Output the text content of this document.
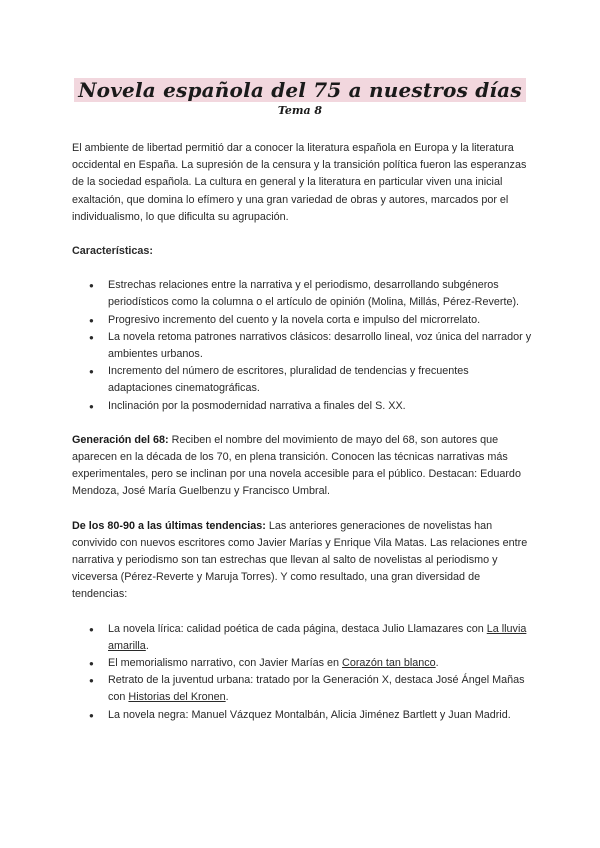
Novela española del 75 a nuestros días
Tema 8

El ambiente de libertad permitió dar a conocer la literatura española en Europa y la literatura occidental en España. La supresión de la censura y la transición política fueron las esperanzas de la sociedad española. La cultura en general y la literatura en particular viven una inicial exaltación, que domina lo efímero y una gran variedad de obras y autores, marcados por el individualismo, lo que dificulta su agrupación.

Características:
● Estrechas relaciones entre la narrativa y el periodismo, desarrollando subgéneros periodísticos como la columna o el artículo de opinión (Molina, Millás, Pérez-Reverte).
● Progresivo incremento del cuento y la novela corta e impulso del microrrelato.
● La novela retoma patrones narrativos clásicos: desarrollo lineal, voz única del narrador y ambientes urbanos.
● Incremento del número de escritores, pluralidad de tendencias y frecuentes adaptaciones cinematográficas.
● Inclinación por la posmodernidad narrativa a finales del S. XX.

Generación del 68: Reciben el nombre del movimiento de mayo del 68, son autores que aparecen en la década de los 70, en plena transición. Conocen las técnicas narrativas más experimentales, pero se inclinan por una novela accesible para el público. Destacan: Eduardo Mendoza, José María Guelbenzu y Francisco Umbral.

De los 80-90 a las últimas tendencias: Las anteriores generaciones de novelistas han convivido con nuevos escritores como Javier Marías y Enrique Vila Matas. Las relaciones entre narrativa y periodismo son tan estrechas que llevan al salto de novelistas al periodismo y viceversa (Pérez-Reverte y Maruja Torres). Y como resultado, una gran diversidad de tendencias:

● La novela lírica: calidad poética de cada página, destaca Julio Llamazares con La lluvia amarilla.
● El memorialismo narrativo, con Javier Marías en Corazón tan blanco.
● Retrato de la juventud urbana: tratado por la Generación X, destaca José Ángel Mañas con Historias del Kronen.
● La novela negra: Manuel Vázquez Montalbán, Alicia Jiménez Bartlett y Juan Madrid.
